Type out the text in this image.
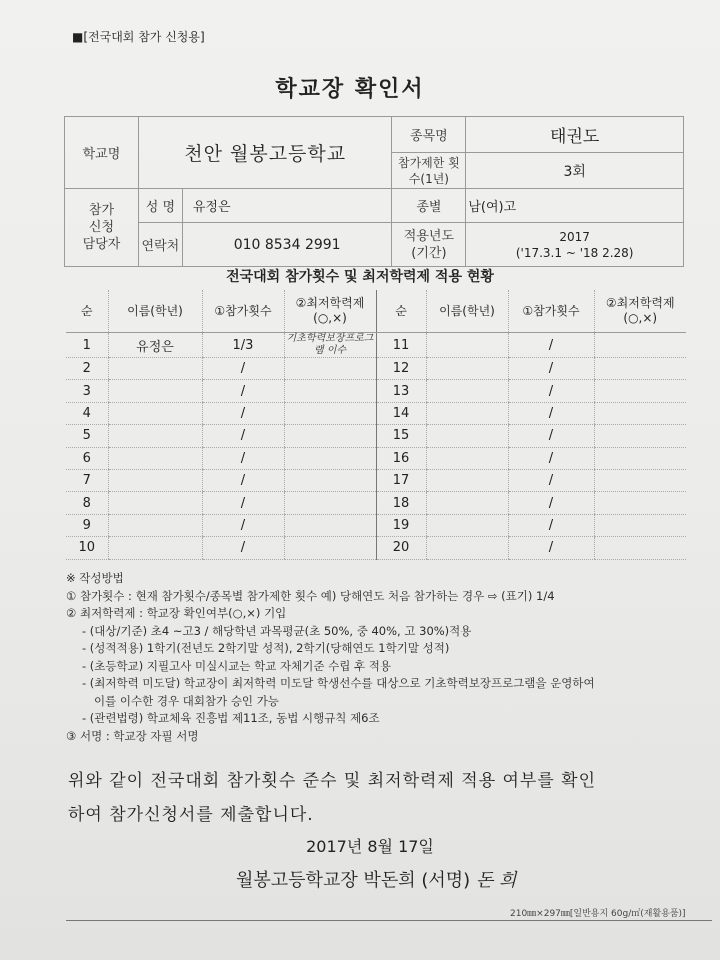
■[전국대회 참가 신청용]
학교장 확인서
학교명	천안 월봉고등학교		종목명	태권도
			참가제한 횟수(1년)	3회
참가 신청 담당자	성 명	유정은	종별	남(여)고
	연락처	010 8534 2991	적용년도 (기간)	2017
('17.3.1 ~ '18 2.28)
전국대회 참가횟수 및 최저학력제 적용 현황
순	이름(학년)	①참가횟수	②최저학력제 (○,×)	순	이름(학년)	①참가횟수	②최저학력제 (○,×)
1	유정은	1/3	기초학력보장프로그램 이수	11		/	
2		/		12		/	
3		/		13		/	
4		/		14		/	
5		/		15		/	
6		/		16		/	
7		/		17		/	
8		/		18		/	
9		/		19		/	
10		/		20		/	
※ 작성방법
① 참가횟수 : 현재 참가횟수/종목별 참가제한 횟수 예) 당해연도 처음 참가하는 경우 ⇨ (표기) 1/4
② 최저학력제 : 학교장 확인여부(○,×) 기입
- (대상/기준) 초4 ~고3 / 해당학년 과목평균(초 50%, 중 40%, 고 30%)적용
- (성적적용) 1학기(전년도 2학기말 성적), 2학기(당해연도 1학기말 성적)
- (초등학교) 지필고사 미실시교는 학교 자체기준 수립 후 적용
- (최저학력 미도달) 학교장이 최저학력 미도달 학생선수를 대상으로 기초학력보장프로그램을 운영하여
이를 이수한 경우 대회참가 승인 가능
- (관련법령) 학교체육 진흥법 제11조, 동법 시행규칙 제6조
③ 서명 : 학교장 자필 서명
위와 같이 전국대회 참가횟수 준수 및 최저학력제 적용 여부를 확인
하여 참가신청서를 제출합니다.
2017년 8월 17일
월봉고등학교장 박돈희 (서명) 돈 희
210㎜×297㎜[일반용지 60g/㎡(재활용품)]
